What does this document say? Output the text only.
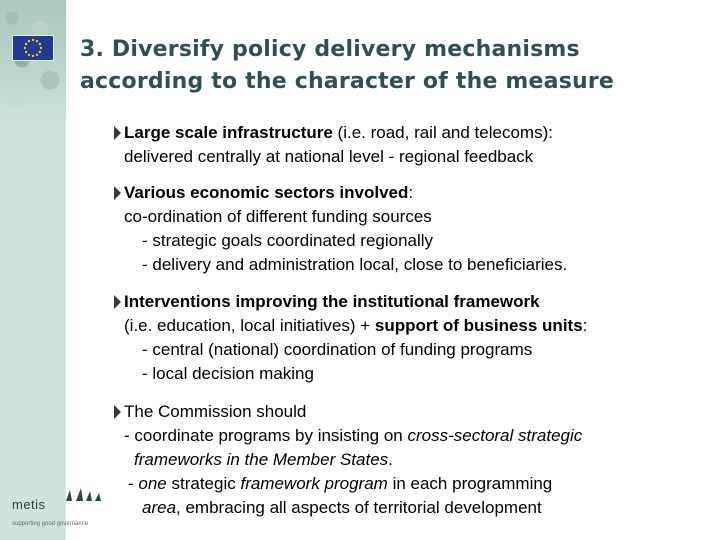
metis
supporting good governance
3. Diversify policy delivery mechanisms
according to the character of the measure
Large scale infrastructure (i.e. road, rail and telecoms):
delivered centrally at national level - regional feedback
Various economic sectors involved:
co-ordination of different funding sources
- strategic goals coordinated regionally
- delivery and administration local, close to beneficiaries.
Interventions improving the institutional framework
(i.e. education, local initiatives) + support of business units:
- central (national) coordination of funding programs
- local decision making
The Commission should
- coordinate programs by insisting on cross-sectoral strategic
frameworks in the Member States.
- one strategic framework program in each programming
area, embracing all aspects of territorial development
